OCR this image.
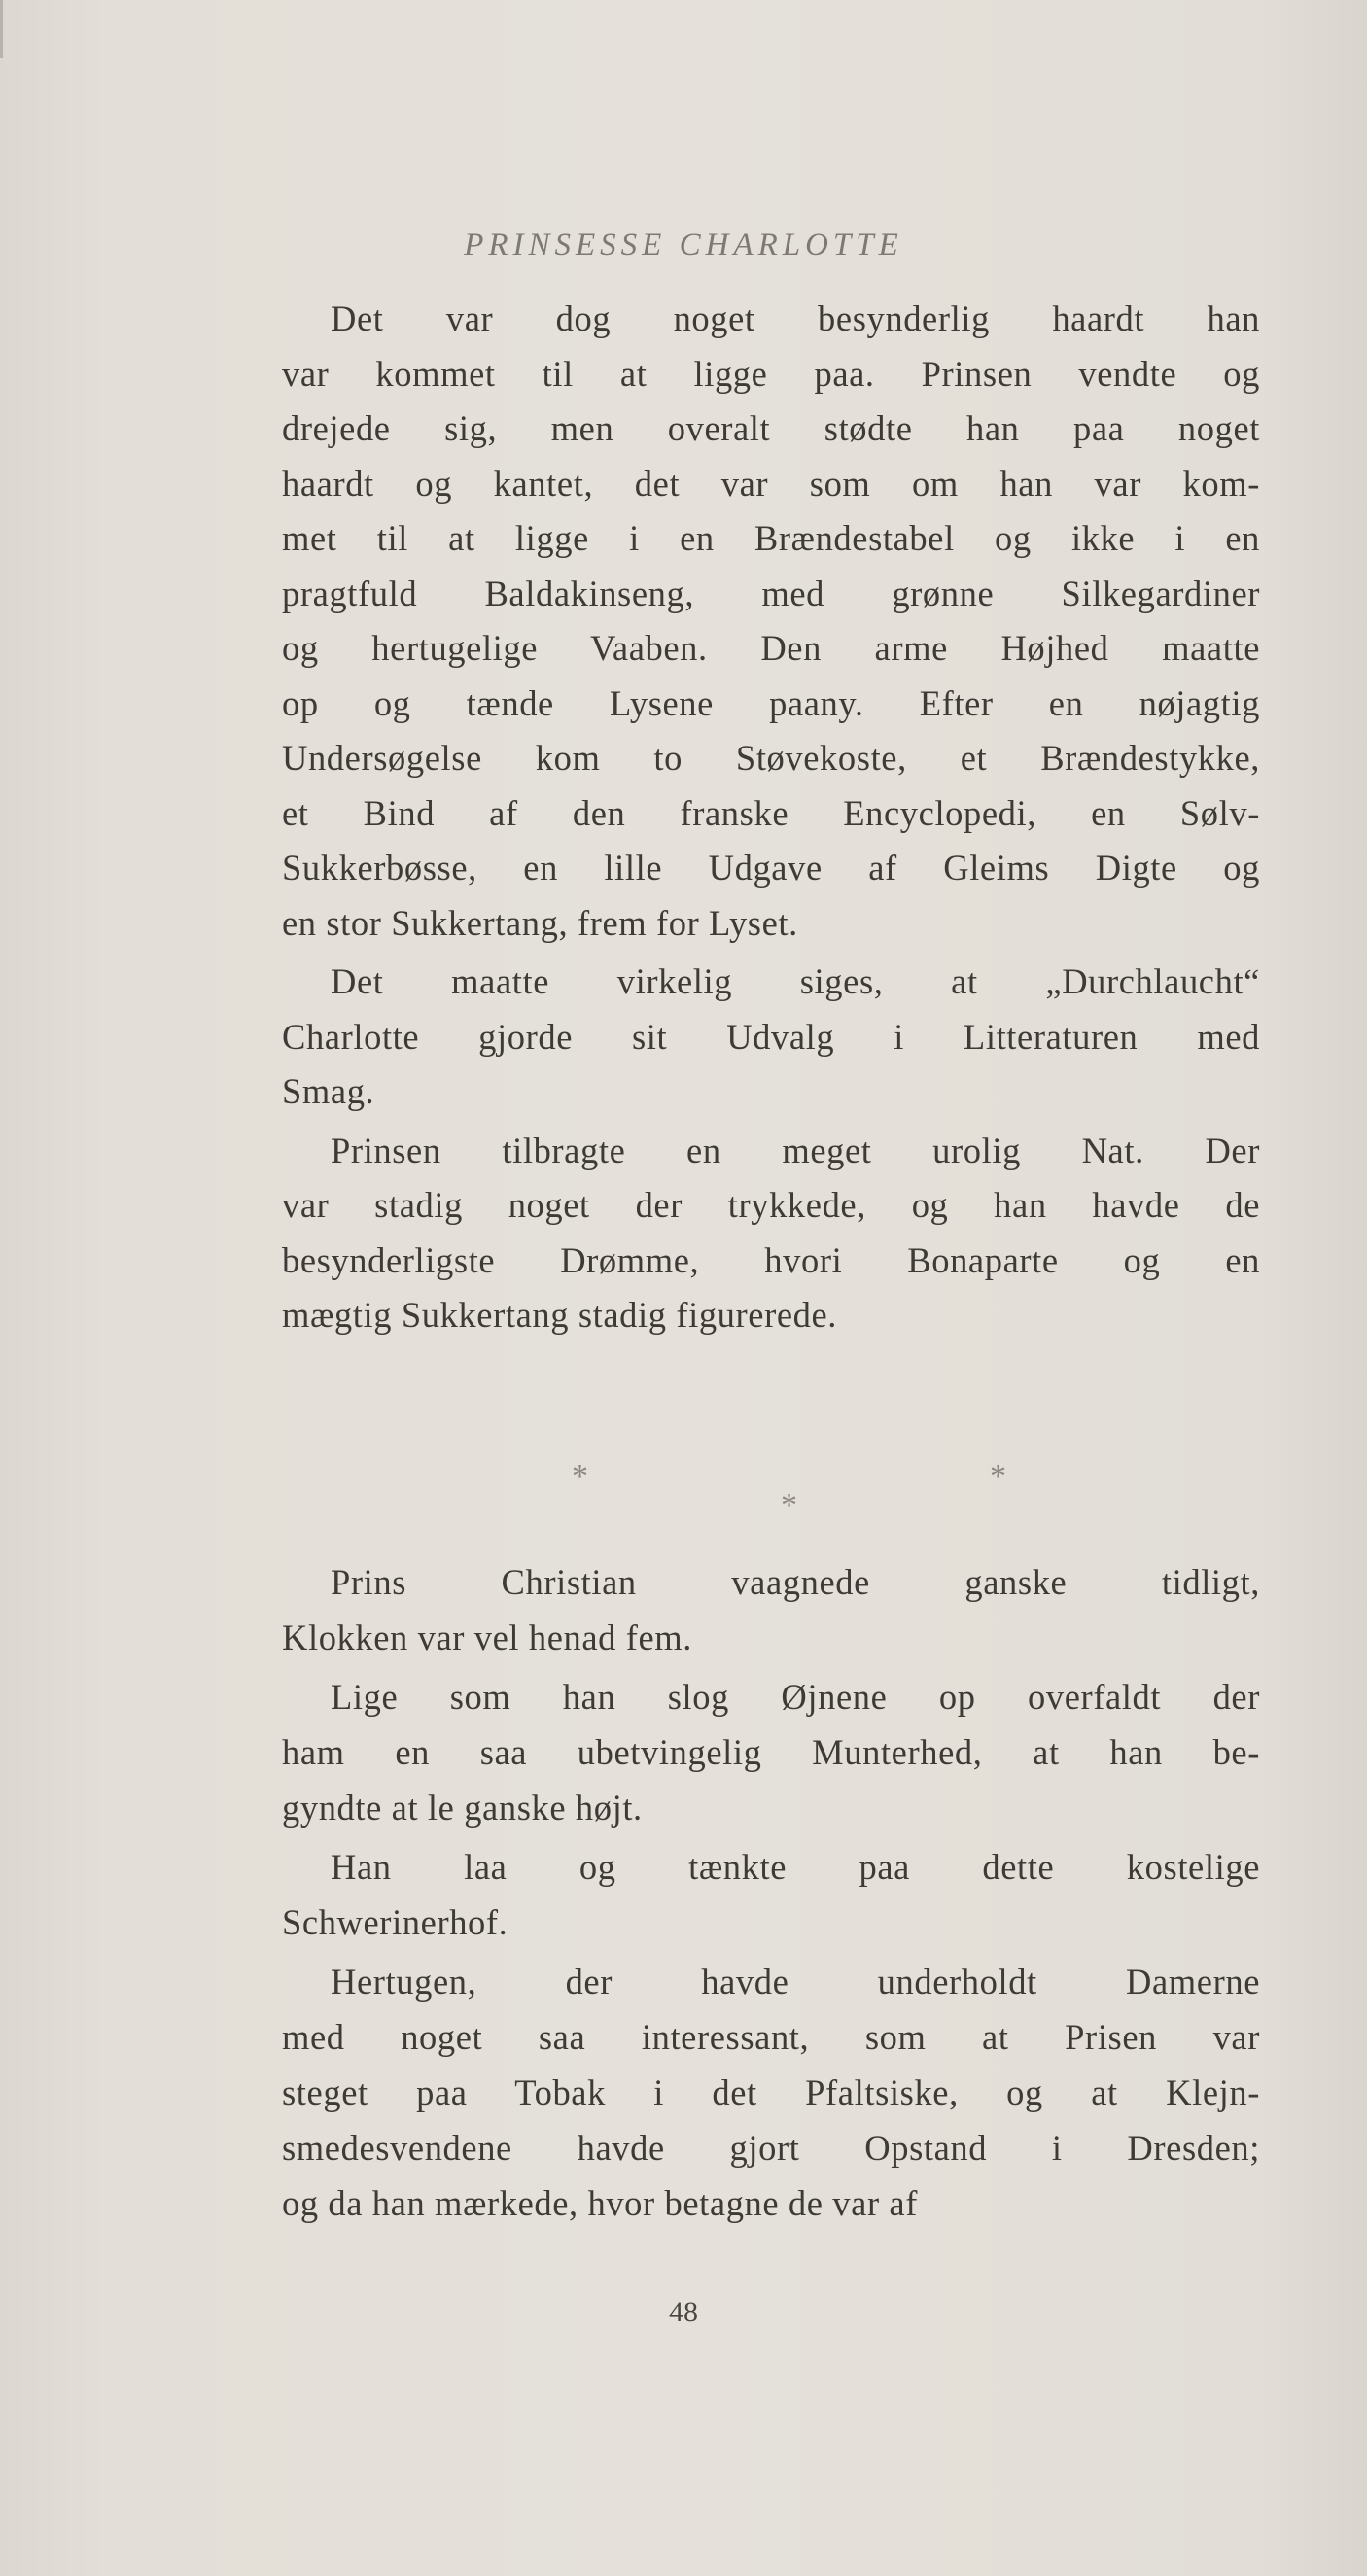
PRINSESSE CHARLOTTE
Det var dog noget besynderlig haardt han
var kommet til at ligge paa. Prinsen vendte og
drejede sig, men overalt stødte han paa noget
haardt og kantet, det var som om han var kom-
met til at ligge i en Brændestabel og ikke i en
pragtfuld Baldakinseng, med grønne Silkegardiner
og hertugelige Vaaben. Den arme Højhed maatte
op og tænde Lysene paany. Efter en nøjagtig
Undersøgelse kom to Støvekoste, et Brændestykke,
et Bind af den franske Encyclopedi, en Sølv-
Sukkerbøsse, en lille Udgave af Gleims Digte og
en stor Sukkertang, frem for Lyset.
Det maatte virkelig siges, at „Durchlaucht“
Charlotte gjorde sit Udvalg i Litteraturen med
Smag.
Prinsen tilbragte en meget urolig Nat. Der
var stadig noget der trykkede, og han havde de
besynderligste Drømme, hvori Bonaparte og en
mægtig Sukkertang stadig figurerede.
*
*
*
Prins Christian vaagnede ganske tidligt,
Klokken var vel henad fem.
Lige som han slog Øjnene op overfaldt der
ham en saa ubetvingelig Munterhed, at han be-
gyndte at le ganske højt.
Han laa og tænkte paa dette kostelige
Schwerinerhof.
Hertugen, der havde underholdt Damerne
med noget saa interessant, som at Prisen var
steget paa Tobak i det Pfaltsiske, og at Klejn-
smedesvendene havde gjort Opstand i Dresden;
og da han mærkede, hvor betagne de var af
48
